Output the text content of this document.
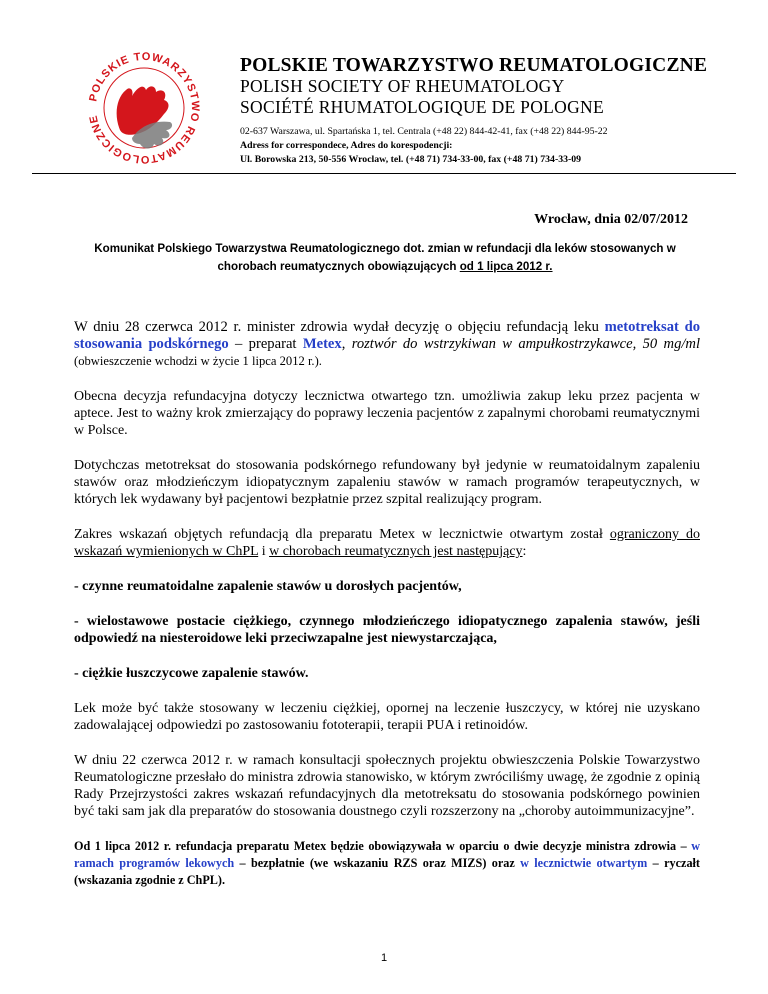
POLSKIE TOWARZYSTWO REUMATOLOGICZNE
POLSKIE TOWARZYSTWO REUMATOLOGICZNE
POLISH SOCIETY OF RHEUMATOLOGY
SOCIÉTÉ RHUMATOLOGIQUE DE POLOGNE
02-637 Warszawa, ul. Spartańska 1, tel. Centrala (+48 22) 844-42-41, fax (+48 22) 844-95-22
Adress for correspondece, Adres do korespodencji:
Ul. Borowska 213, 50-556 Wroclaw, tel. (+48 71) 734-33-00, fax (+48 71) 734-33-09
Wrocław, dnia 02/07/2012
Komunikat Polskiego Towarzystwa Reumatologicznego dot. zmian w refundacji dla leków stosowanych w
chorobach reumatycznych obowiązujących od 1 lipca 2012 r.

W dniu 28 czerwca 2012 r. minister zdrowia wydał decyzję o objęciu refundacją leku metotreksat do stosowania podskórnego – preparat Metex, roztwór do wstrzykiwan w ampułkostrzykawce, 50 mg/ml (obwieszczenie wchodzi w życie 1 lipca 2012 r.).

Obecna decyzja refundacyjna dotyczy lecznictwa otwartego tzn. umożliwia zakup leku przez pacjenta w aptece. Jest to ważny krok zmierzający do poprawy leczenia pacjentów z zapalnymi chorobami reumatycznymi w Polsce.

Dotychczas metotreksat do stosowania podskórnego refundowany był jedynie w reumatoidalnym zapaleniu stawów oraz młodzieńczym idiopatycznym zapaleniu stawów w ramach programów terapeutycznych, w których lek wydawany był pacjentowi bezpłatnie przez szpital realizujący program.

Zakres wskazań objętych refundacją dla preparatu Metex w lecznictwie otwartym został ograniczony do wskazań wymienionych w ChPL i w chorobach reumatycznych jest następujący:

- czynne reumatoidalne zapalenie stawów u dorosłych pacjentów,

- wielostawowe postacie ciężkiego, czynnego młodzieńczego idiopatycznego zapalenia stawów, jeśli odpowiedź na niesteroidowe leki przeciwzapalne jest niewystarczająca,

- ciężkie łuszczycowe zapalenie stawów.

Lek może być także stosowany w leczeniu ciężkiej, opornej na leczenie łuszczycy, w której nie uzyskano zadowalającej odpowiedzi po zastosowaniu fototerapii, terapii PUA i retinoidów.

W dniu 22 czerwca 2012 r. w ramach konsultacji społecznych projektu obwieszczenia Polskie Towarzystwo Reumatologiczne przesłało do ministra zdrowia stanowisko, w którym zwróciliśmy uwagę, że zgodnie z opinią Rady Przejrzystości zakres wskazań refundacyjnych dla metotreksatu do stosowania podskórnego powinien być taki sam jak dla preparatów do stosowania doustnego czyli rozszerzony na „choroby autoimmunizacyjne”.

Od 1 lipca 2012 r. refundacja preparatu Metex będzie obowiązywała w oparciu o dwie decyzje ministra zdrowia – w ramach programów lekowych – bezpłatnie (we wskazaniu RZS oraz MIZS) oraz w lecznictwie otwartym – ryczałt (wskazania zgodnie z ChPL).

1
